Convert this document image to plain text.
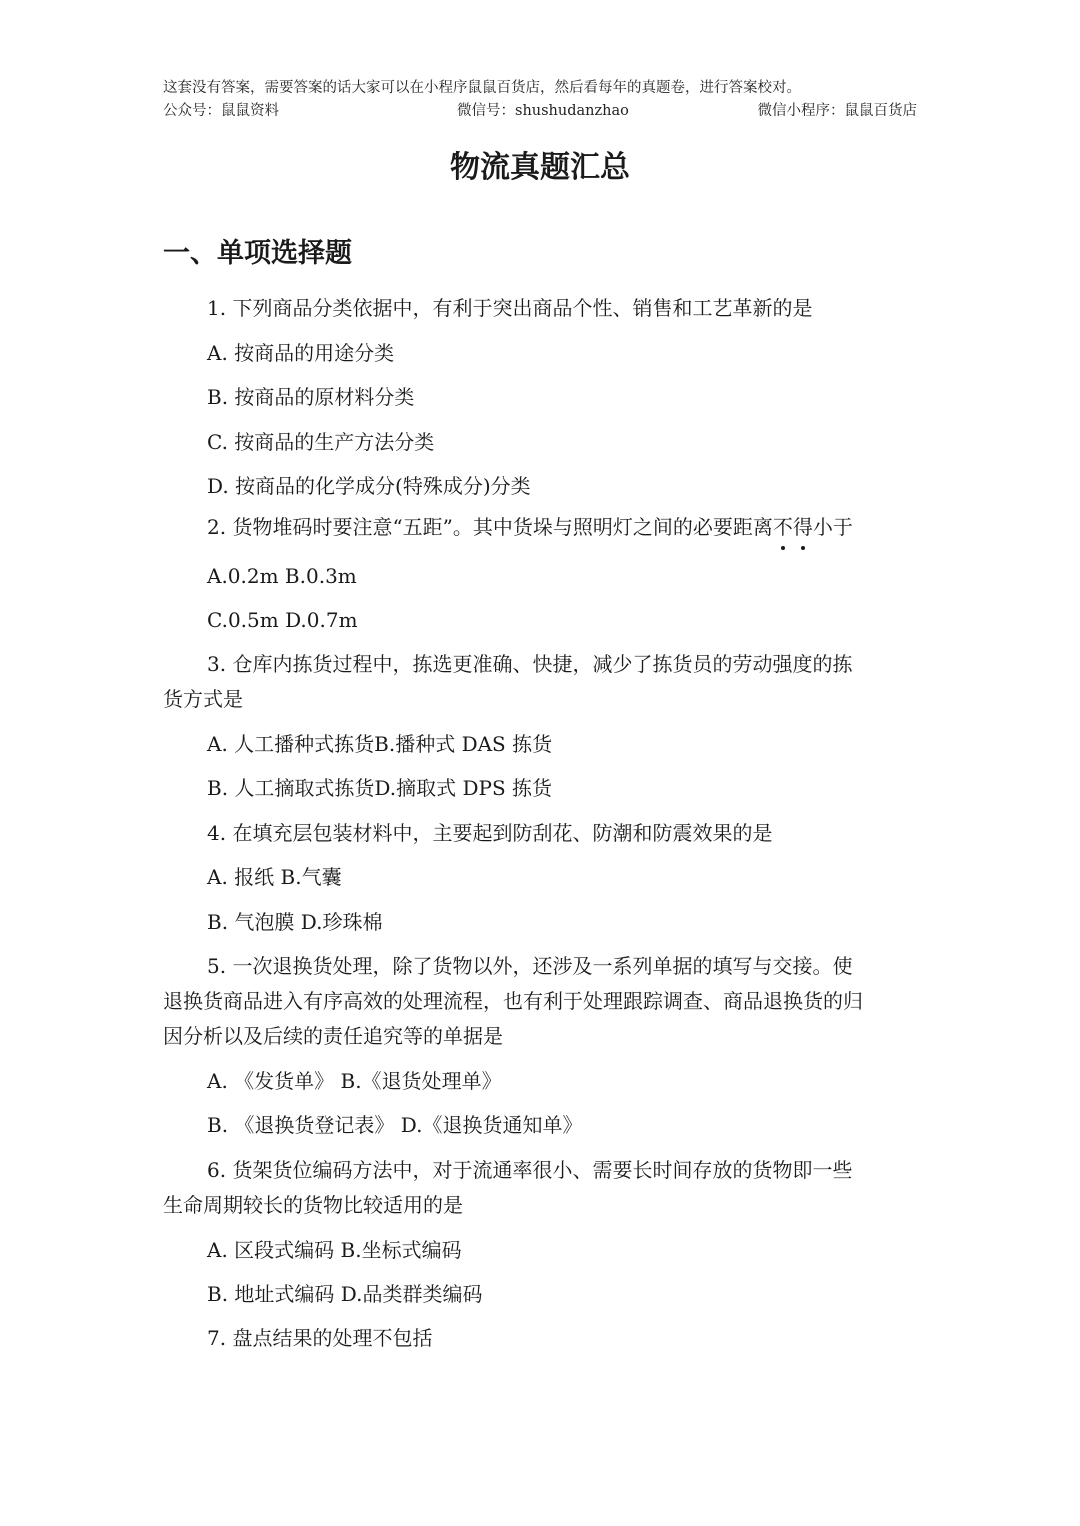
这套没有答案，需要答案的话大家可以在小程序鼠鼠百货店，然后看每年的真题卷，进行答案校对。
公众号：鼠鼠资料	微信号：shushudanzhao	微信小程序：鼠鼠百货店
物流真题汇总
一、单项选择题
1. 下列商品分类依据中，有利于突出商品个性、销售和工艺革新的是
A. 按商品的用途分类
B. 按商品的原材料分类
C. 按商品的生产方法分类
D. 按商品的化学成分(特殊成分)分类
2. 货物堆码时要注意“五距”。其中货垛与照明灯之间的必要距离不得小于
A.0.2m B.0.3m
C.0.5m D.0.7m
3. 仓库内拣货过程中，拣选更准确、快捷，减少了拣货员的劳动强度的拣
货方式是
A. 人工播种式拣货B.播种式 DAS 拣货
B. 人工摘取式拣货D.摘取式 DPS 拣货
4. 在填充层包装材料中，主要起到防刮花、防潮和防震效果的是
A. 报纸 B.气囊
B. 气泡膜 D.珍珠棉
5. 一次退换货处理，除了货物以外，还涉及一系列单据的填写与交接。使
退换货商品进入有序高效的处理流程，也有利于处理跟踪调查、商品退换货的归
因分析以及后续的责任追究等的单据是
A. 《发货单》 B.《退货处理单》
B. 《退换货登记表》 D.《退换货通知单》
6. 货架货位编码方法中，对于流通率很小、需要长时间存放的货物即一些
生命周期较长的货物比较适用的是
A. 区段式编码 B.坐标式编码
B. 地址式编码 D.品类群类编码
7. 盘点结果的处理不包括
